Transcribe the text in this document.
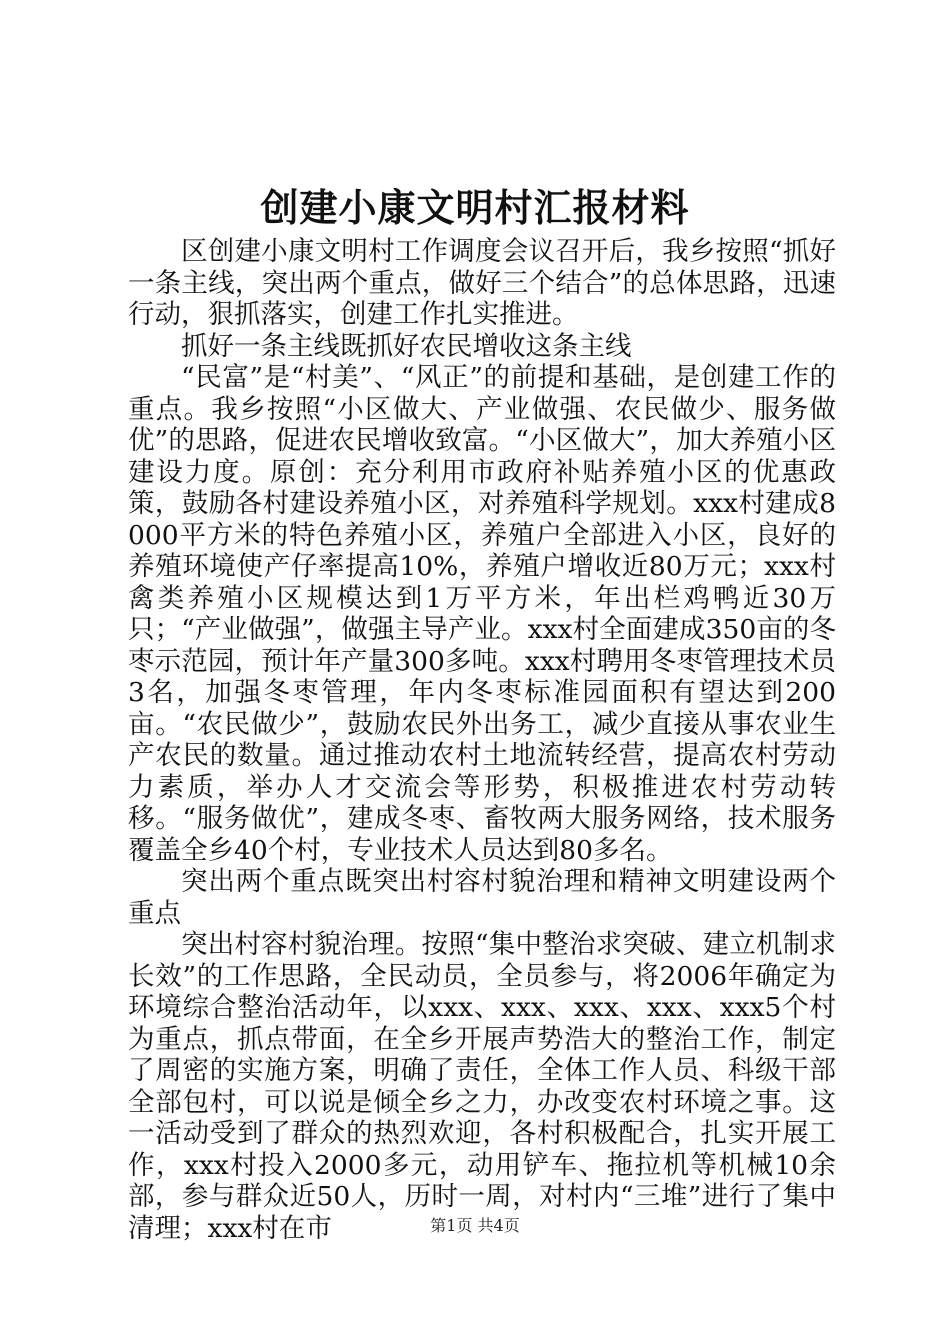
创建小康文明村汇报材料

区创建小康文明村工作调度会议召开后，我乡按照“抓好一条主线，突出两个重点，做好三个结合”的总体思路，迅速行动，狠抓落实，创建工作扎实推进。

抓好一条主线既抓好农民增收这条主线

“民富”是“村美”、“风正”的前提和基础，是创建工作的重点。我乡按照“小区做大、产业做强、农民做少、服务做优”的思路，促进农民增收致富。“小区做大”，加大养殖小区建设力度。原创：充分利用市政府补贴养殖小区的优惠政策，鼓励各村建设养殖小区，对养殖科学规划。xxx村建成8000平方米的特色养殖小区，养殖户全部进入小区，良好的养殖环境使产仔率提高10%，养殖户增收近80万元；xxx村禽类养殖小区规模达到1万平方米，年出栏鸡鸭近30万只；“产业做强”，做强主导产业。xxx村全面建成350亩的冬枣示范园，预计年产量300多吨。xxx村聘用冬枣管理技术员3名，加强冬枣管理，年内冬枣标准园面积有望达到200亩。“农民做少”，鼓励农民外出务工，减少直接从事农业生产农民的数量。通过推动农村土地流转经营，提高农村劳动力素质，举办人才交流会等形势，积极推进农村劳动转移。“服务做优”，建成冬枣、畜牧两大服务网络，技术服务覆盖全乡40个村，专业技术人员达到80多名。

突出两个重点既突出村容村貌治理和精神文明建设两个重点

突出村容村貌治理。按照“集中整治求突破、建立机制求长效”的工作思路，全民动员，全员参与，将2006年确定为环境综合整治活动年，以xxx、xxx、xxx、xxx、xxx5个村为重点，抓点带面，在全乡开展声势浩大的整治工作，制定了周密的实施方案，明确了责任，全体工作人员、科级干部全部包村，可以说是倾全乡之力，办改变农村环境之事。这一活动受到了群众的热烈欢迎，各村积极配合，扎实开展工作，xxx村投入2000多元，动用铲车、拖拉机等机械10余部，参与群众近50人，历时一周，对村内“三堆”进行了集中清理；xxx村在市	第1页 共4页
